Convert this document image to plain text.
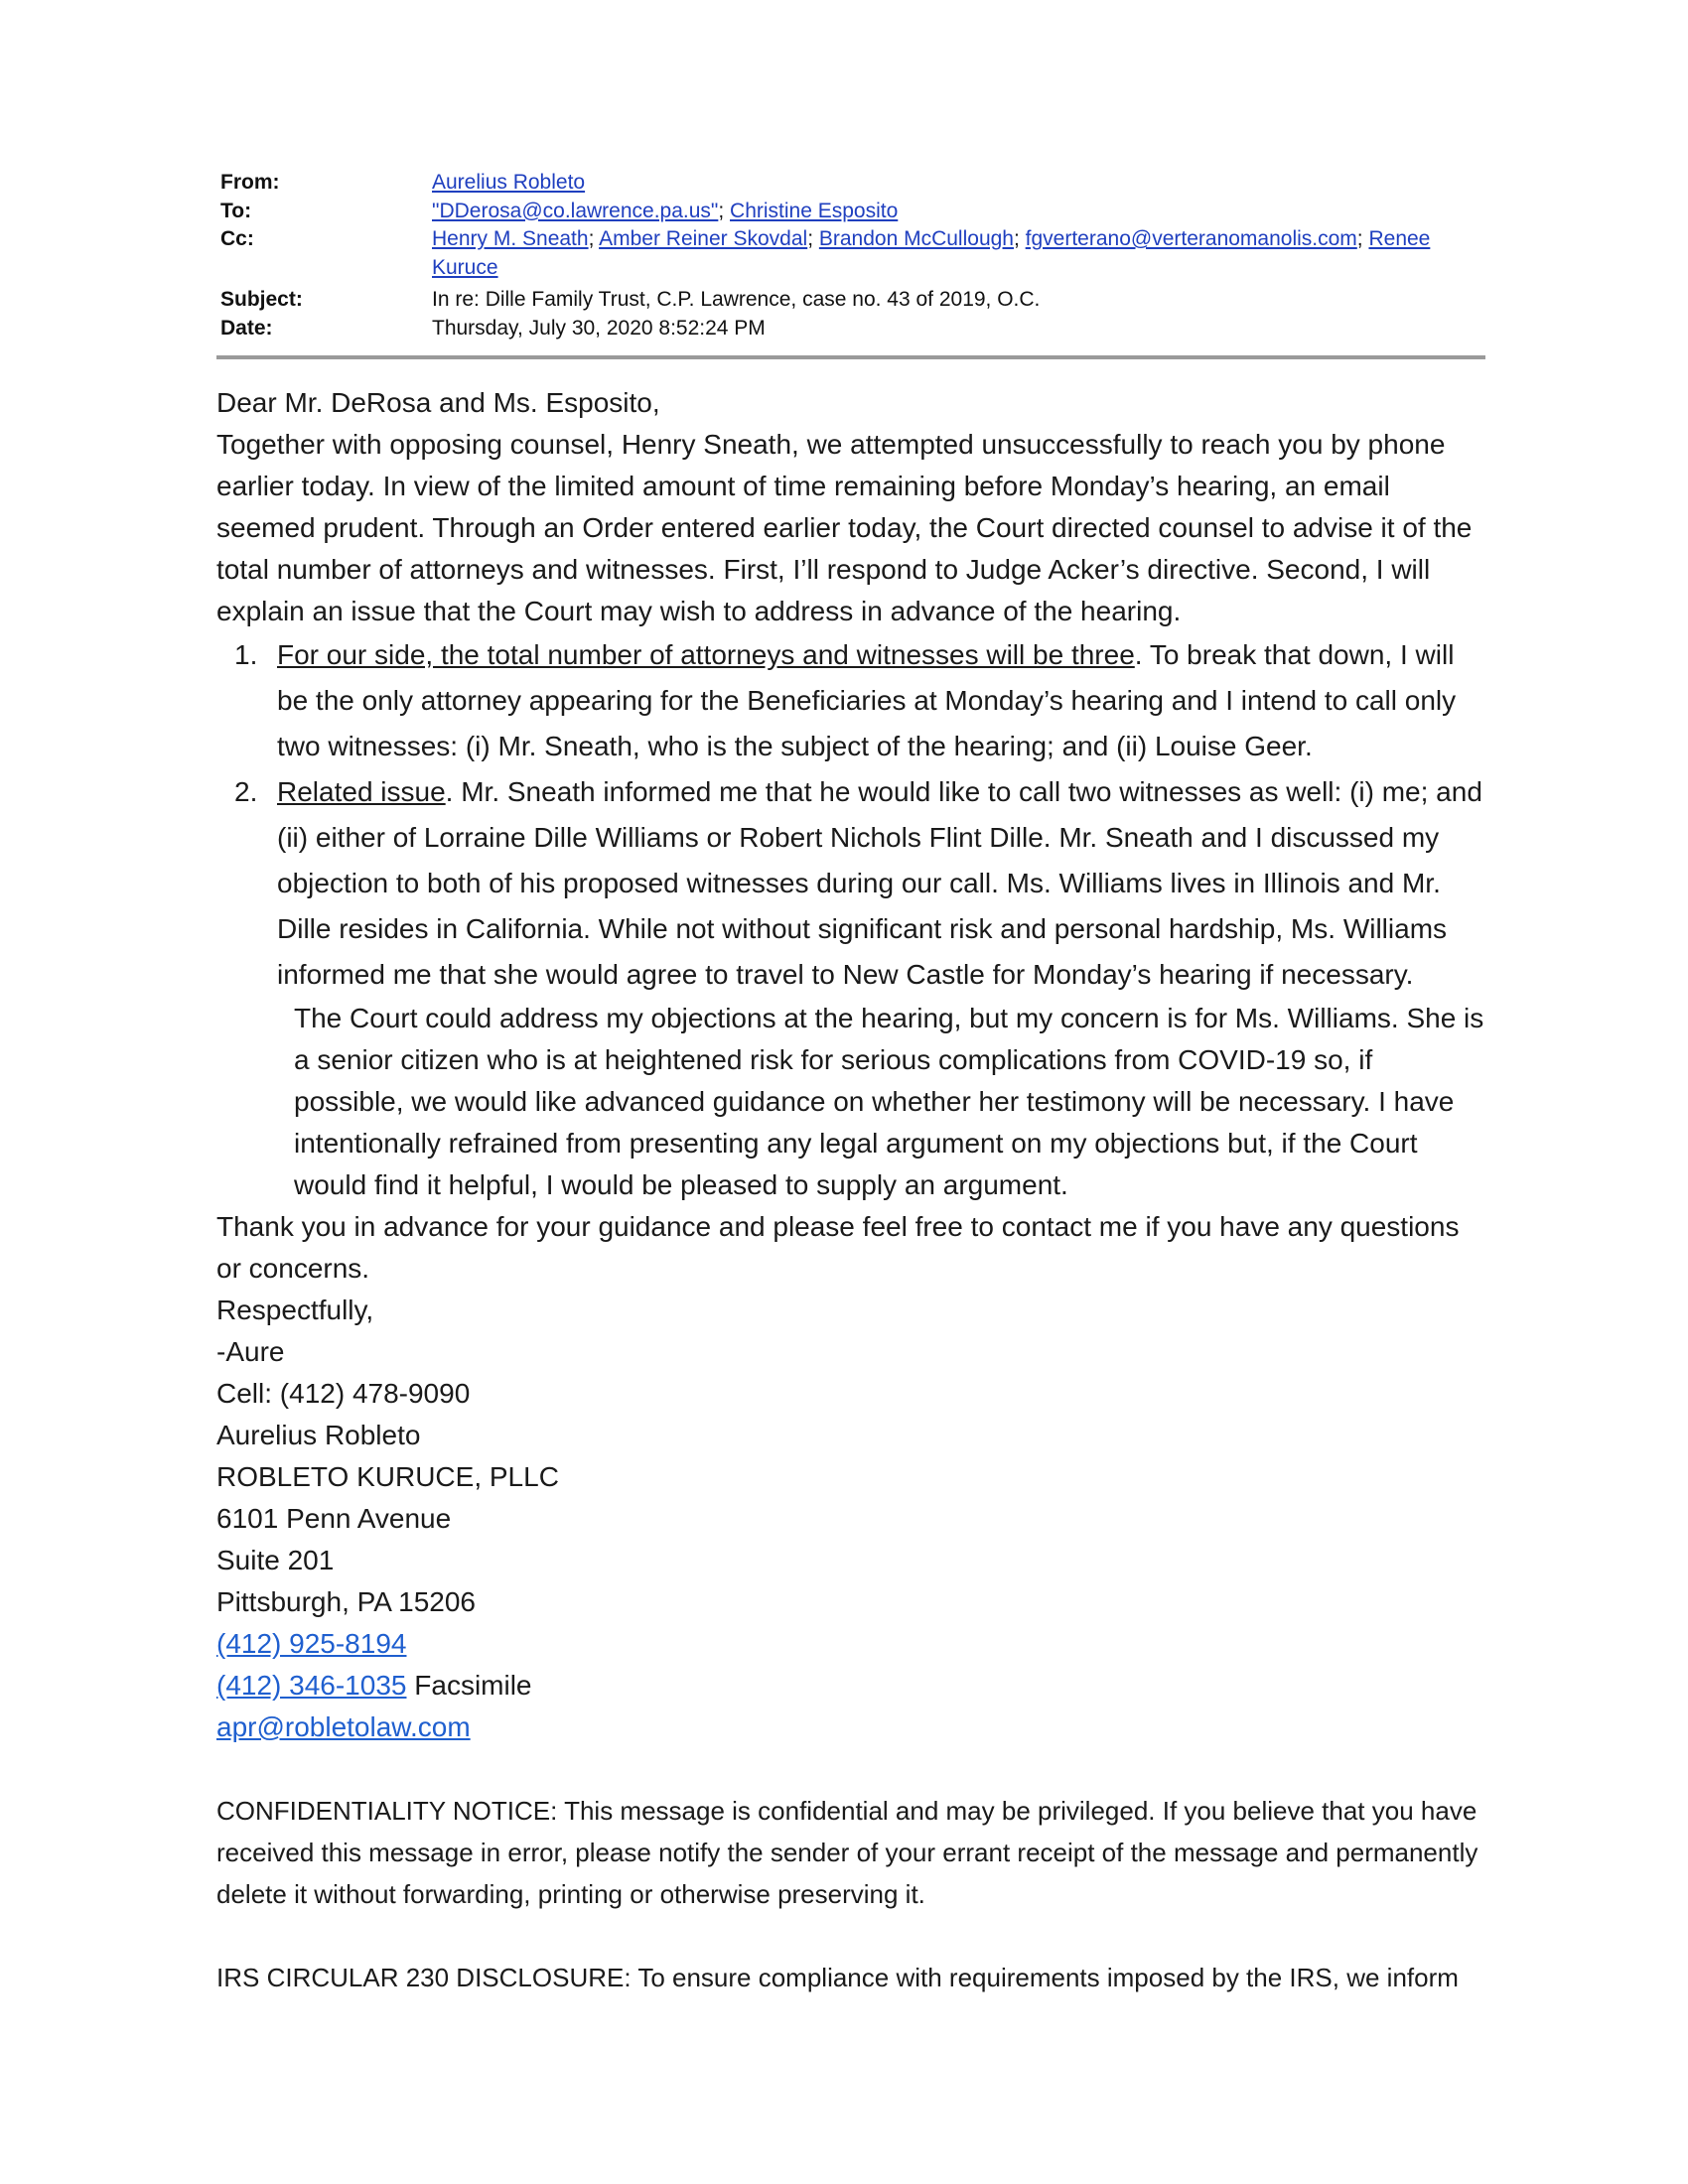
From:	Aurelius Robleto
To:	"DDerosa@co.lawrence.pa.us"; Christine Esposito
Cc:	Henry M. Sneath; Amber Reiner Skovdal; Brandon McCullough; fgverterano@verteranomanolis.com; Renee Kuruce
Subject:	In re: Dille Family Trust, C.P. Lawrence, case no. 43 of 2019, O.C.
Date:	Thursday, July 30, 2020 8:52:24 PM

Dear Mr. DeRosa and Ms. Esposito,

Together with opposing counsel, Henry Sneath, we attempted unsuccessfully to reach you by phone earlier today. In view of the limited amount of time remaining before Monday’s hearing, an email seemed prudent. Through an Order entered earlier today, the Court directed counsel to advise it of the total number of attorneys and witnesses. First, I’ll respond to Judge Acker’s directive. Second, I will explain an issue that the Court may wish to address in advance of the hearing.

1. For our side, the total number of attorneys and witnesses will be three. To break that down, I will be the only attorney appearing for the Beneficiaries at Monday’s hearing and I intend to call only two witnesses: (i) Mr. Sneath, who is the subject of the hearing; and (ii) Louise Geer.
2. Related issue. Mr. Sneath informed me that he would like to call two witnesses as well: (i) me; and (ii) either of Lorraine Dille Williams or Robert Nichols Flint Dille. Mr. Sneath and I discussed my objection to both of his proposed witnesses during our call. Ms. Williams lives in Illinois and Mr. Dille resides in California. While not without significant risk and personal hardship, Ms. Williams informed me that she would agree to travel to New Castle for Monday’s hearing if necessary.

The Court could address my objections at the hearing, but my concern is for Ms. Williams. She is a senior citizen who is at heightened risk for serious complications from COVID-19 so, if possible, we would like advanced guidance on whether her testimony will be necessary. I have intentionally refrained from presenting any legal argument on my objections but, if the Court would find it helpful, I would be pleased to supply an argument.

Thank you in advance for your guidance and please feel free to contact me if you have any questions or concerns.

Respectfully,

-Aure

Cell: (412) 478-9090

Aurelius Robleto

ROBLETO KURUCE, PLLC

6101 Penn Avenue

Suite 201

Pittsburgh, PA 15206

(412) 925-8194

(412) 346-1035 Facsimile

apr@robletolaw.com

CONFIDENTIALITY NOTICE: This message is confidential and may be privileged. If you believe that you have received this message in error, please notify the sender of your errant receipt of the message and permanently delete it without forwarding, printing or otherwise preserving it.

IRS CIRCULAR 230 DISCLOSURE: To ensure compliance with requirements imposed by the IRS, we inform
